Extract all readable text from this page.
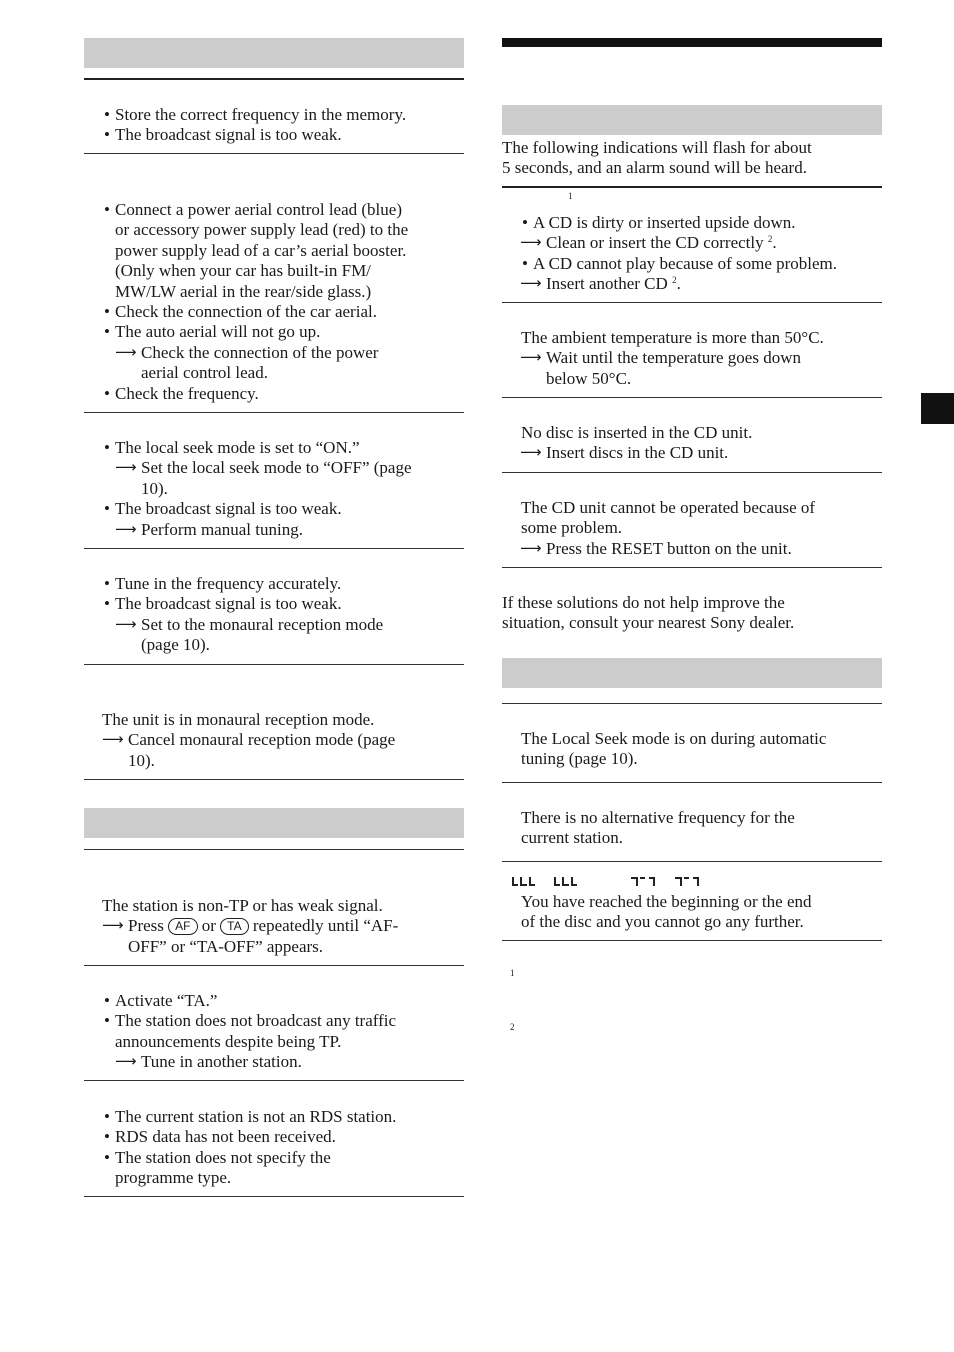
• Store the correct frequency in the memory.
• The broadcast signal is too weak.
• Connect a power aerial control lead (blue)
or accessory power supply lead (red) to the
power supply lead of a car’s aerial booster.
(Only when your car has built-in FM/
MW/LW aerial in the rear/side glass.)
• Check the connection of the car aerial.
• The auto aerial will not go up.
⟶ Check the connection of the power
aerial control lead.
• Check the frequency.
• The local seek mode is set to “ON.”
⟶ Set the local seek mode to “OFF” (page
10).
• The broadcast signal is too weak.
⟶ Perform manual tuning.
• Tune in the frequency accurately.
• The broadcast signal is too weak.
⟶ Set to the monaural reception mode
(page 10).
The unit is in monaural reception mode.
⟶ Cancel monaural reception mode (page
10).
The station is non-TP or has weak signal.
⟶ Press AF or TA repeatedly until “AF-
OFF” or “TA-OFF” appears.
• Activate “TA.”
• The station does not broadcast any traffic
announcements despite being TP.
⟶ Tune in another station.
• The current station is not an RDS station.
• RDS data has not been received.
• The station does not specify the
programme type.
The following indications will flash for about
5 seconds, and an alarm sound will be heard.
1
• A CD is dirty or inserted upside down.
⟶ Clean or insert the CD correctly $^2$.
• A CD cannot play because of some problem.
⟶ Insert another CD $^2$.
The ambient temperature is more than 50°C.
⟶ Wait until the temperature goes down
below 50°C.
No disc is inserted in the CD unit.
⟶ Insert discs in the CD unit.
The CD unit cannot be operated because of
some problem.
⟶ Press the RESET button on the unit.
If these solutions do not help improve the
situation, consult your nearest Sony dealer.
The Local Seek mode is on during automatic
tuning (page 10).
There is no alternative frequency for the
current station.
You have reached the beginning or the end
of the disc and you cannot go any further.
1
2
